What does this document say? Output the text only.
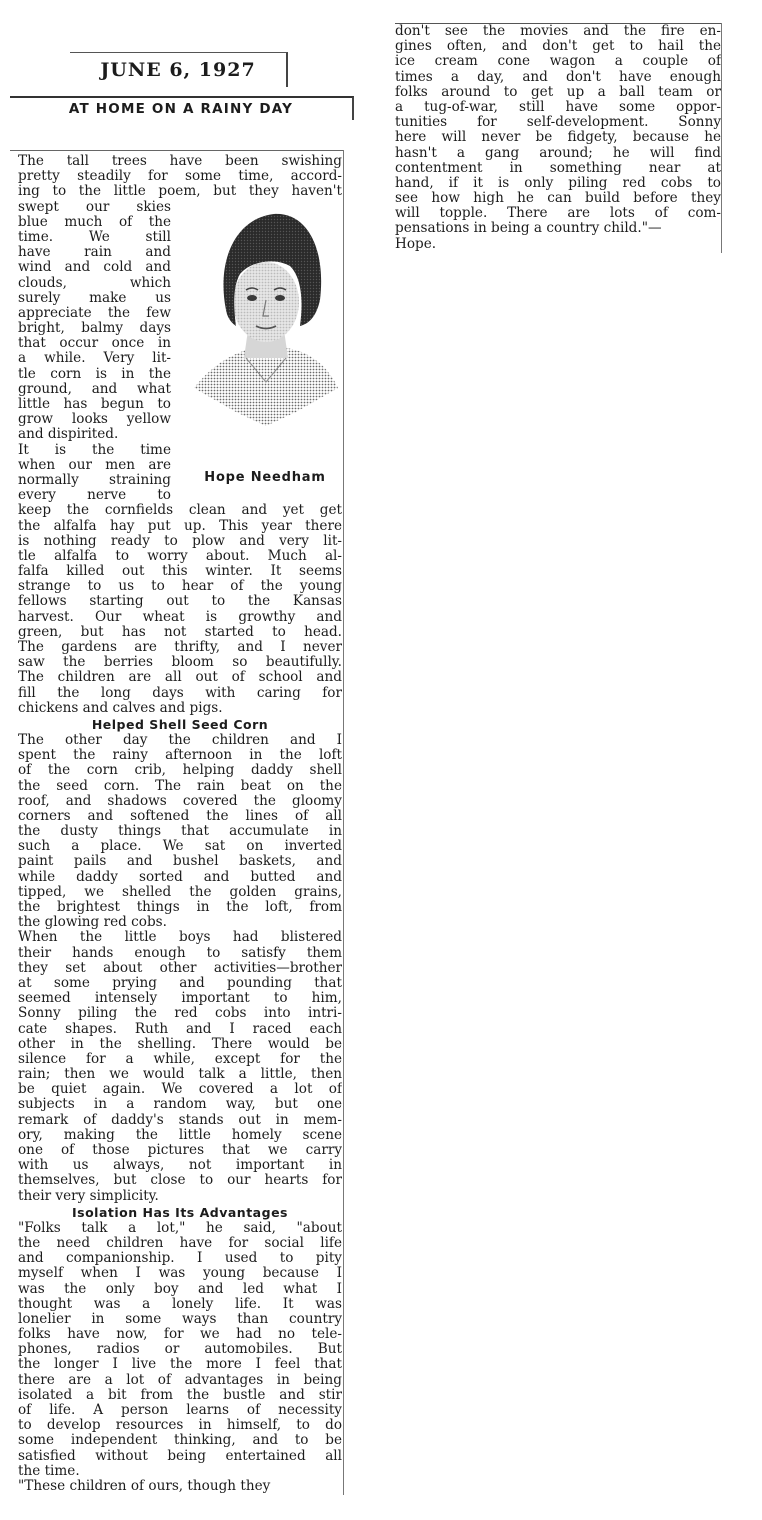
JUNE 6, 1927
AT HOME ON A RAINY DAY
Hope Needham
The tall trees have been swishing
pretty steadily for some time, accord-
ing to the little poem, but they haven't
swept our skies
blue much of the
time. We still
have rain and
wind and cold and
clouds, which
surely make us
appreciate the few
bright, balmy days
that occur once in
a while. Very lit-
tle corn is in the
ground, and what
little has begun to
grow looks yellow
and dispirited.
It is the time
when our men are
normally straining
every nerve to
keep the cornfields clean and yet get
the alfalfa hay put up. This year there
is nothing ready to plow and very lit-
tle alfalfa to worry about. Much al-
falfa killed out this winter. It seems
strange to us to hear of the young
fellows starting out to the Kansas
harvest. Our wheat is growthy and
green, but has not started to head.
The gardens are thrifty, and I never
saw the berries bloom so beautifully.
The children are all out of school and
fill the long days with caring for
chickens and calves and pigs.
Helped Shell Seed Corn
The other day the children and I
spent the rainy afternoon in the loft
of the corn crib, helping daddy shell
the seed corn. The rain beat on the
roof, and shadows covered the gloomy
corners and softened the lines of all
the dusty things that accumulate in
such a place. We sat on inverted
paint pails and bushel baskets, and
while daddy sorted and butted and
tipped, we shelled the golden grains,
the brightest things in the loft, from
the glowing red cobs.
When the little boys had blistered
their hands enough to satisfy them
they set about other activities—brother
at some prying and pounding that
seemed intensely important to him,
Sonny piling the red cobs into intri-
cate shapes. Ruth and I raced each
other in the shelling. There would be
silence for a while, except for the
rain; then we would talk a little, then
be quiet again. We covered a lot of
subjects in a random way, but one
remark of daddy's stands out in mem-
ory, making the little homely scene
one of those pictures that we carry
with us always, not important in
themselves, but close to our hearts for
their very simplicity.
Isolation Has Its Advantages
"Folks talk a lot," he said, "about
the need children have for social life
and companionship. I used to pity
myself when I was young because I
was the only boy and led what I
thought was a lonely life. It was
lonelier in some ways than country
folks have now, for we had no tele-
phones, radios or automobiles. But
the longer I live the more I feel that
there are a lot of advantages in being
isolated a bit from the bustle and stir
of life. A person learns of necessity
to develop resources in himself, to do
some independent thinking, and to be
satisfied without being entertained all
the time.
"These children of ours, though they
don't see the movies and the fire en-
gines often, and don't get to hail the
ice cream cone wagon a couple of
times a day, and don't have enough
folks around to get up a ball team or
a tug-of-war, still have some oppor-
tunities for self-development. Sonny
here will never be fidgety, because he
hasn't a gang around; he will find
contentment in something near at
hand, if it is only piling red cobs to
see how high he can build before they
will topple. There are lots of com-
pensations in being a country child."—
Hope.
